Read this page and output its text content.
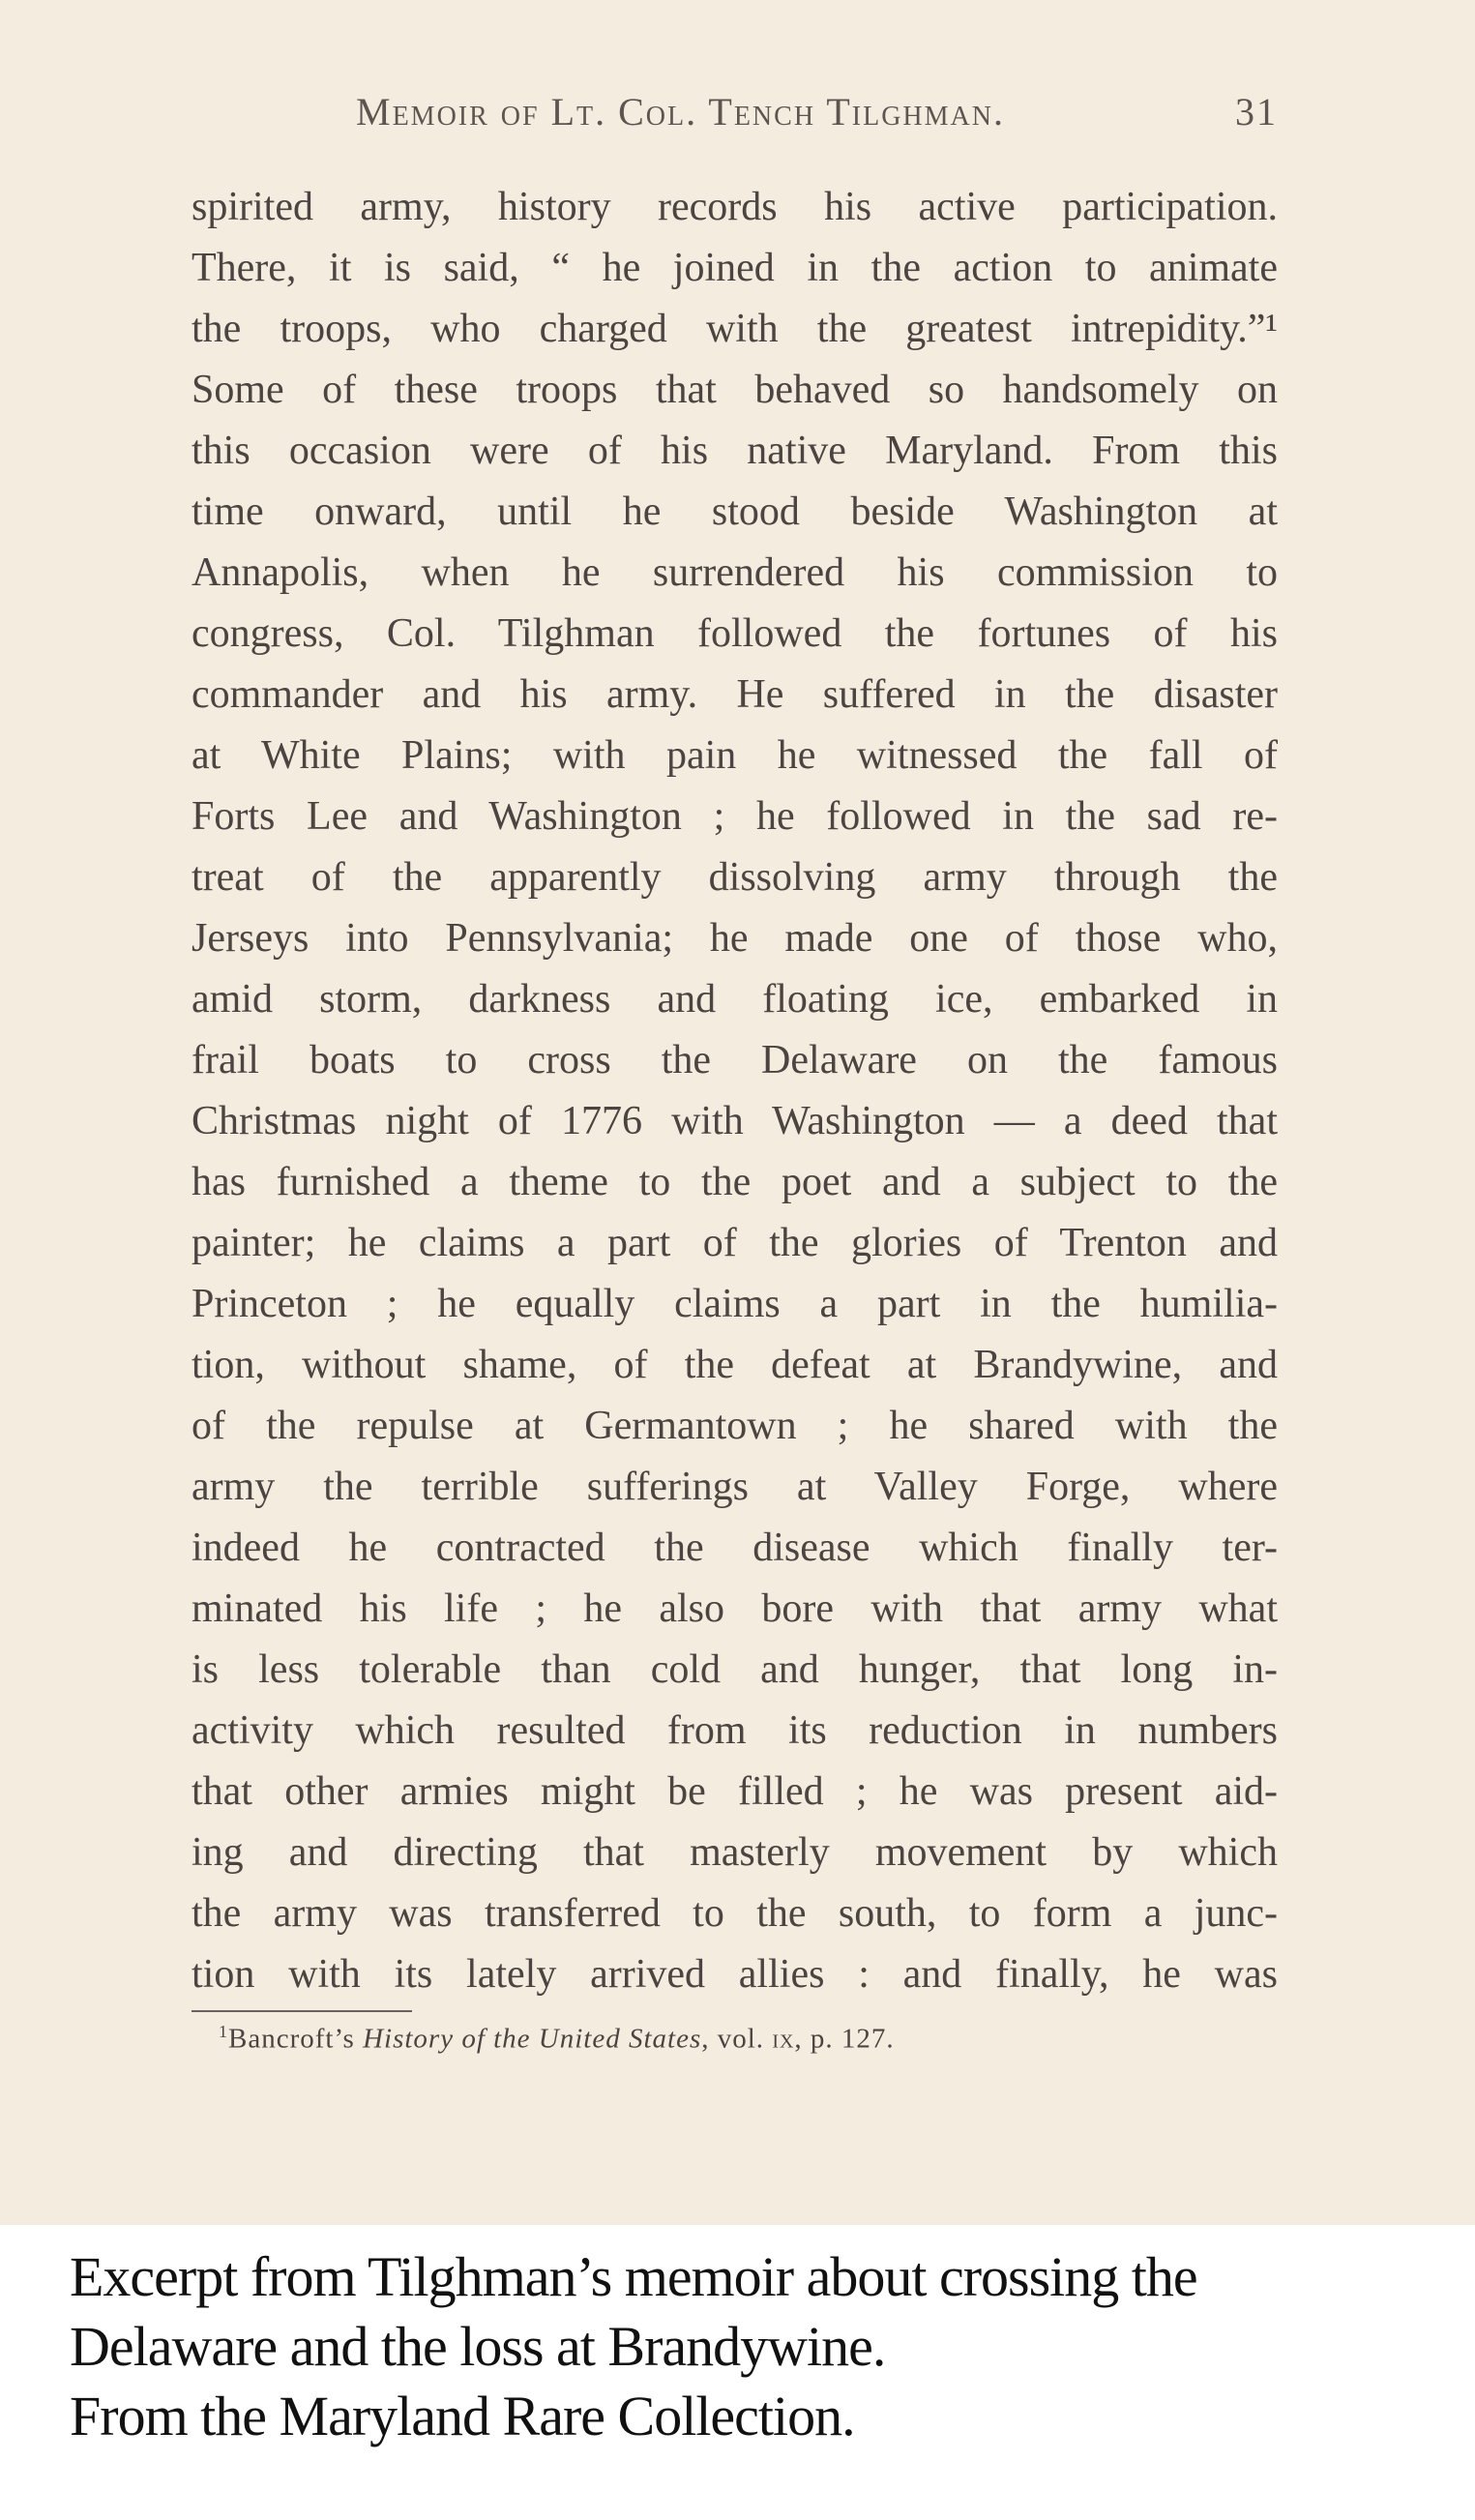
Memoir of Lt. Col. Tench Tilghman.	31
spirited army, history records his active participation.
There, it is said, “ he joined in the action to animate
the troops, who charged with the greatest intrepidity.”¹
Some of these troops that behaved so handsomely on
this occasion were of his native Maryland. From this
time onward, until he stood beside Washington at
Annapolis, when he surrendered his commission to
congress, Col. Tilghman followed the fortunes of his
commander and his army. He suffered in the disaster
at White Plains; with pain he witnessed the fall of
Forts Lee and Washington ; he followed in the sad re-
treat of the apparently dissolving army through the
Jerseys into Pennsylvania; he made one of those who,
amid storm, darkness and floating ice, embarked in
frail boats to cross the Delaware on the famous
Christmas night of 1776 with Washington — a deed that
has furnished a theme to the poet and a subject to the
painter; he claims a part of the glories of Trenton and
Princeton ; he equally claims a part in the humilia-
tion, without shame, of the defeat at Brandywine, and
of the repulse at Germantown ; he shared with the
army the terrible sufferings at Valley Forge, where
indeed he contracted the disease which finally ter-
minated his life ; he also bore with that army what
is less tolerable than cold and hunger, that long in-
activity which resulted from its reduction in numbers
that other armies might be filled ; he was present aid-
ing and directing that masterly movement by which
the army was transferred to the south, to form a junc-
tion with its lately arrived allies : and finally, he was
$^1$Bancroft’s History of the United States, vol. ix, p. 127.
Excerpt from Tilghman’s memoir about crossing the
Delaware and the loss at Brandywine.
From the Maryland Rare Collection.
